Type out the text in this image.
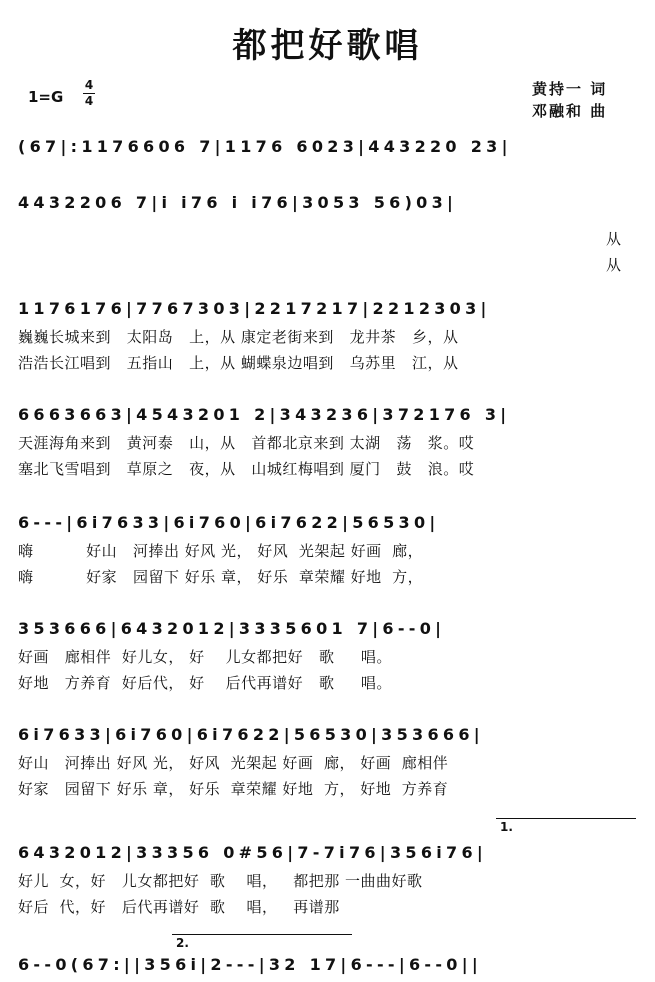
都把好歌唱
1=G
4
4
黄持一 词
邓融和 曲
(67|:1176606 7|1176 6023|443220 23|
4432206 7|i i76 i i76|3053 56)03|
从
从
1176176|7767303|2217217|2212303|
巍巍长城来到   太阳岛   上，从 康定老街来到   龙井茶   乡，从
浩浩长江唱到   五指山   上，从 蝴蝶泉边唱到   乌苏里   江，从
6663663|4543201 2|343236|372176 3|
天涯海角来到   黄河泰   山，从   首都北京来到 太湖   荡   浆。哎
塞北飞雪唱到   草原之   夜，从   山城红梅唱到 厦门   鼓   浪。哎
6---|6i7633|6i760|6i7622|56530|
嗨          好山   河捧出 好风 光， 好风  光架起 好画  廊，
嗨          好家   园留下 好乐 章， 好乐  章荣耀 好地  方，
353666|6432012|3335601 7|6--0|
好画   廊相伴  好儿女， 好    儿女都把好   歌     唱。
好地   方养育  好后代， 好    后代再谱好   歌     唱。
6i7633|6i760|6i7622|56530|353666|
好山   河捧出 好风 光， 好风  光架起 好画  廊， 好画  廊相伴
好家   园留下 好乐 章， 好乐  章荣耀 好地  方， 好地  方养育
1.
6432012|33356 0#56|7-7i76|356i76|
好儿  女，好   儿女都把好  歌    唱，   都把那 一曲曲好歌
好后  代，好   后代再谱好  歌    唱，   再谱那
2.
6--0(67:||356i|2---|32 17|6---|6--0||
